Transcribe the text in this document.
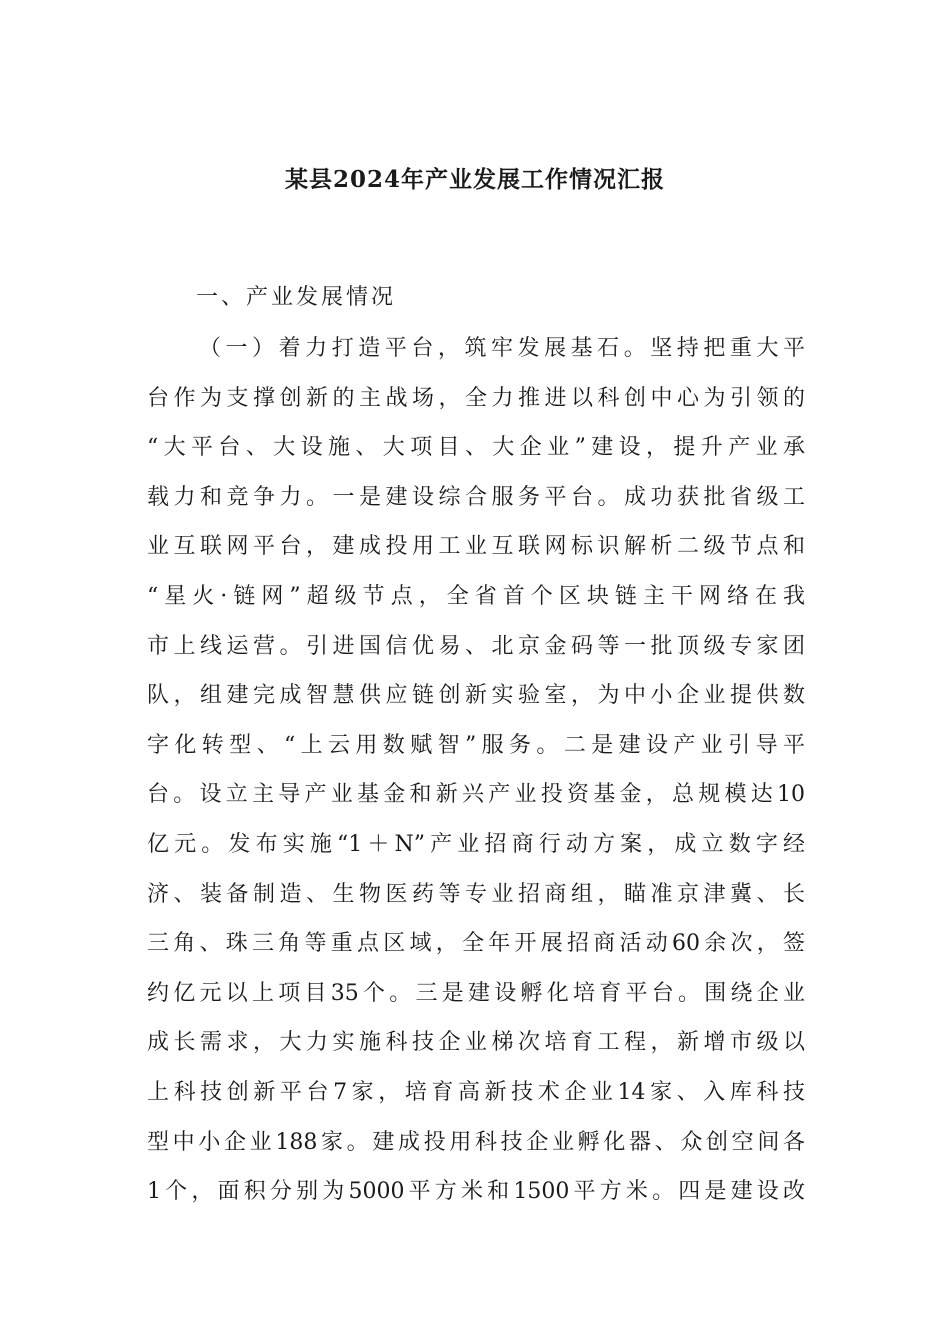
某县2024年产业发展工作情况汇报
一、产业发展情况
（一）着力打造平台，筑牢发展基石。坚持把重大平
台作为支撑创新的主战场，全力推进以科创中心为引领的
“大平台、大设施、大项目、大企业”建设，提升产业承
载力和竞争力。一是建设综合服务平台。成功获批省级工
业互联网平台，建成投用工业互联网标识解析二级节点和
“星火·链网”超级节点，全省首个区块链主干网络在我
市上线运营。引进国信优易、北京金码等一批顶级专家团
队，组建完成智慧供应链创新实验室，为中小企业提供数
字化转型、“上云用数赋智”服务。二是建设产业引导平
台。设立主导产业基金和新兴产业投资基金，总规模达10
亿元。发布实施“1＋N”产业招商行动方案，成立数字经
济、装备制造、生物医药等专业招商组，瞄准京津冀、长
三角、珠三角等重点区域，全年开展招商活动60余次，签
约亿元以上项目35个。三是建设孵化培育平台。围绕企业
成长需求，大力实施科技企业梯次培育工程，新增市级以
上科技创新平台7家，培育高新技术企业14家、入库科技
型中小企业188家。建成投用科技企业孵化器、众创空间各
1个，面积分别为5000平方米和1500平方米。四是建设改
